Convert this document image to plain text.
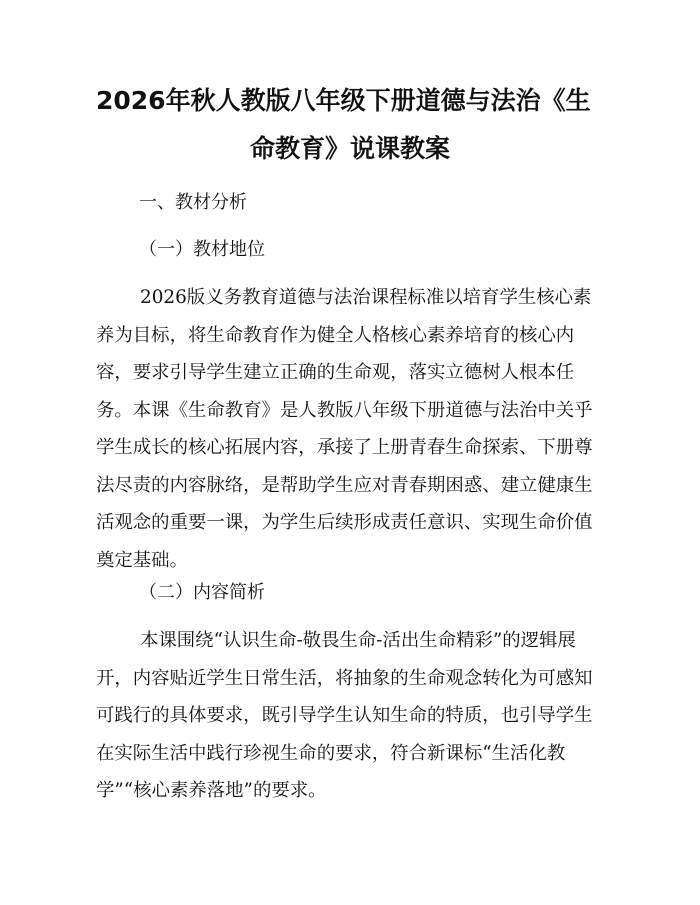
2026年秋人教版八年级下册道德与法治《生
命教育》说课教案
一、教材分析
（一）教材地位
2026版义务教育道德与法治课程标准以培育学生核心素
养为目标，将生命教育作为健全人格核心素养培育的核心内
容，要求引导学生建立正确的生命观，落实立德树人根本任
务。本课《生命教育》是人教版八年级下册道德与法治中关乎
学生成长的核心拓展内容，承接了上册青春生命探索、下册尊
法尽责的内容脉络，是帮助学生应对青春期困惑、建立健康生
活观念的重要一课，为学生后续形成责任意识、实现生命价值
奠定基础。
（二）内容简析
本课围绕“认识生命-敬畏生命-活出生命精彩”的逻辑展
开，内容贴近学生日常生活，将抽象的生命观念转化为可感知
可践行的具体要求，既引导学生认知生命的特质，也引导学生
在实际生活中践行珍视生命的要求，符合新课标“生活化教
学”“核心素养落地”的要求。
